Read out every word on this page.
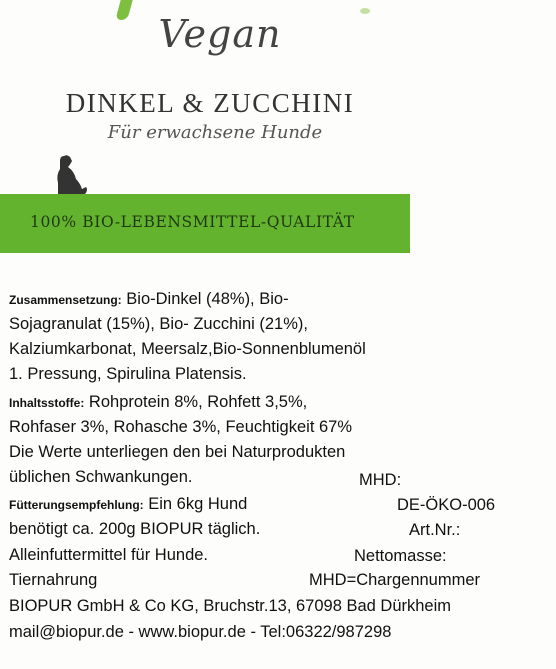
Vegan
DINKEL & ZUCCHINI
Für erwachsene Hunde
100% BIO-LEBENSMITTEL-QUALITÄT
Zusammensetzung: Bio-Dinkel (48%), Bio-
Sojagranulat (15%), Bio- Zucchini (21%),
Kalziumkarbonat, Meersalz,Bio-Sonnenblumenöl
1. Pressung, Spirulina Platensis.
Inhaltsstoffe: Rohprotein 8%, Rohfett 3,5%,
Rohfaser 3%, Rohasche 3%, Feuchtigkeit 67%
Die Werte unterliegen den bei Naturprodukten
üblichen Schwankungen.
Fütterungsempfehlung: Ein 6kg Hund
benötigt ca. 200g BIOPUR täglich.
Alleinfuttermittel für Hunde.
Tiernahrung
MHD:
DE-ÖKO-006
Art.Nr.:
Nettomasse:
MHD=Chargennummer
BIOPUR GmbH & Co KG, Bruchstr.13, 67098 Bad Dürkheim
mail@biopur.de - www.biopur.de - Tel:06322/987298
